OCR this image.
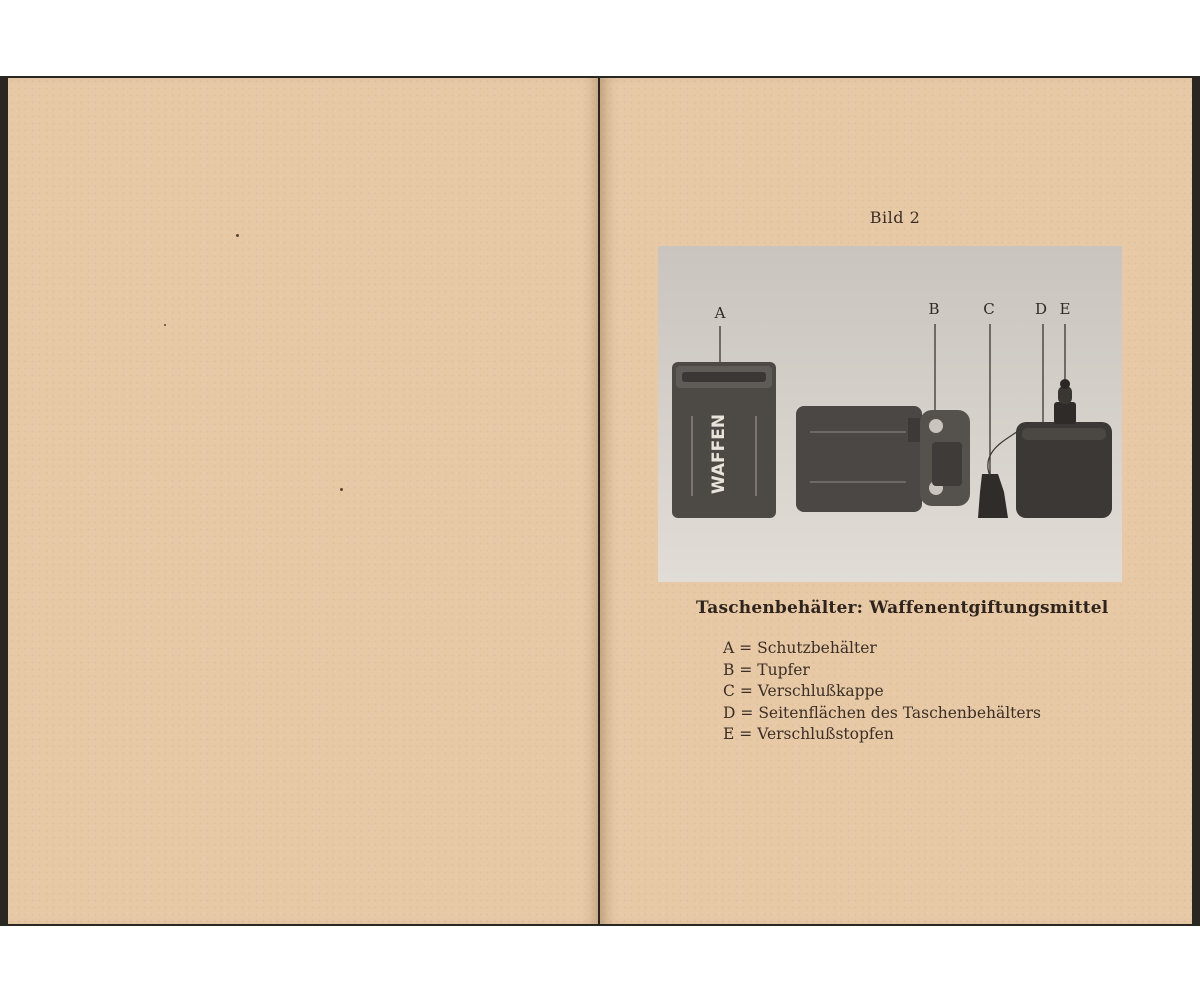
Bild 2
WAFFEN
A	B	C	D E
Taschenbehälter: Waffenentgiftungsmittel
A = Schutzbehälter
B = Tupfer
C = Verschlußkappe
D = Seitenflächen des Taschenbehälters
E = Verschlußstopfen
